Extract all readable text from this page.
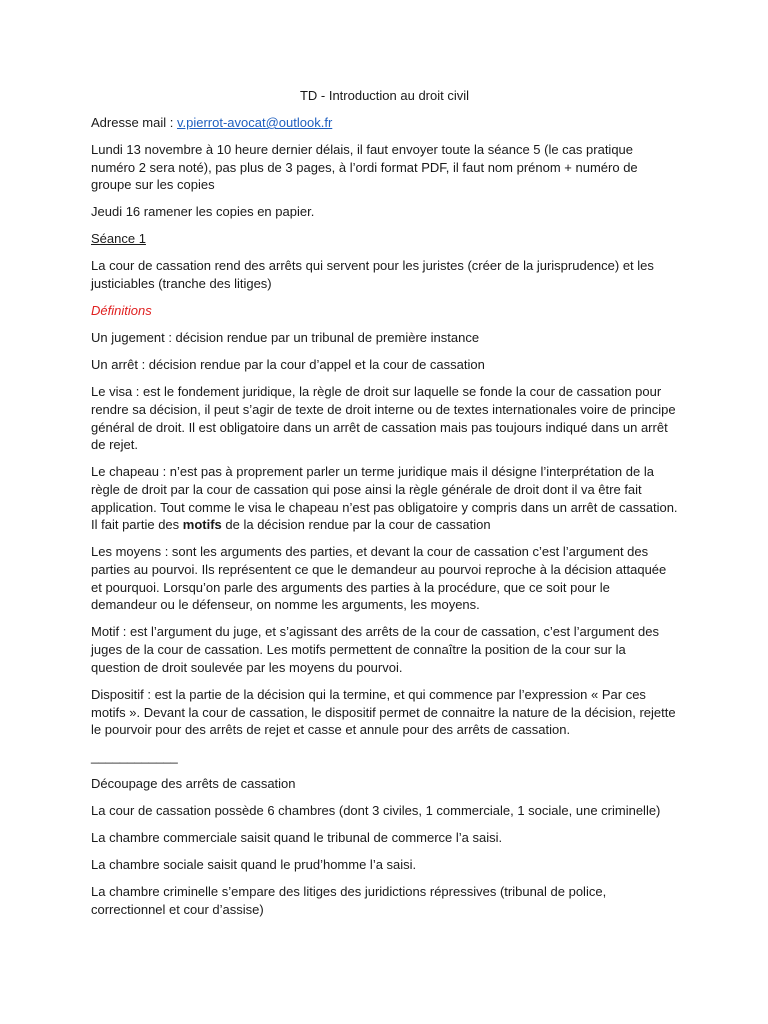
TD - Introduction au droit civil

Adresse mail : v.pierrot-avocat@outlook.fr

Lundi 13 novembre à 10 heure dernier délais, il faut envoyer toute la séance 5 (le cas pratique numéro 2 sera noté), pas plus de 3 pages, à l’ordi format PDF, il faut nom prénom + numéro de groupe sur les copies

Jeudi 16 ramener les copies en papier.

Séance 1

La cour de cassation rend des arrêts qui servent pour les juristes (créer de la jurisprudence) et les justiciables (tranche des litiges)

Définitions

Un jugement : décision rendue par un tribunal de première instance

Un arrêt : décision rendue par la cour d’appel et la cour de cassation

Le visa : est le fondement juridique, la règle de droit sur laquelle se fonde la cour de cassation pour rendre sa décision, il peut s’agir de texte de droit interne ou de textes internationales voire de principe général de droit. Il est obligatoire dans un arrêt de cassation mais pas toujours indiqué dans un arrêt de rejet.

Le chapeau : n’est pas à proprement parler un terme juridique mais il désigne l’interprétation de la règle de droit par la cour de cassation qui pose ainsi la règle générale de droit dont il va être fait application. Tout comme le visa le chapeau n’est pas obligatoire y compris dans un arrêt de cassation. Il fait partie des motifs de la décision rendue par la cour de cassation

Les moyens : sont les arguments des parties, et devant la cour de cassation c’est l’argument des parties au pourvoi. Ils représentent ce que le demandeur au pourvoi reproche à la décision attaquée et pourquoi. Lorsqu’on parle des arguments des parties à la procédure, que ce soit pour le demandeur ou le défenseur, on nomme les arguments, les moyens.

Motif : est l’argument du juge, et s’agissant des arrêts de la cour de cassation, c’est l’argument des juges de la cour de cassation. Les motifs permettent de connaître la position de la cour sur la question de droit soulevée par les moyens du pourvoi.

Dispositif : est la partie de la décision qui la termine, et qui commence par l’expression « Par ces motifs ». Devant la cour de cassation, le dispositif permet de connaitre la nature de la décision, rejette le pourvoir pour des arrêts de rejet et casse et annule pour des arrêts de cassation.

____________

Découpage des arrêts de cassation

La cour de cassation possède 6 chambres (dont 3 civiles, 1 commerciale, 1 sociale, une criminelle)

La chambre commerciale saisit quand le tribunal de commerce l’a saisi.

La chambre sociale saisit quand le prud’homme l’a saisi.

La chambre criminelle s’empare des litiges des juridictions répressives (tribunal de police, correctionnel et cour d’assise)
